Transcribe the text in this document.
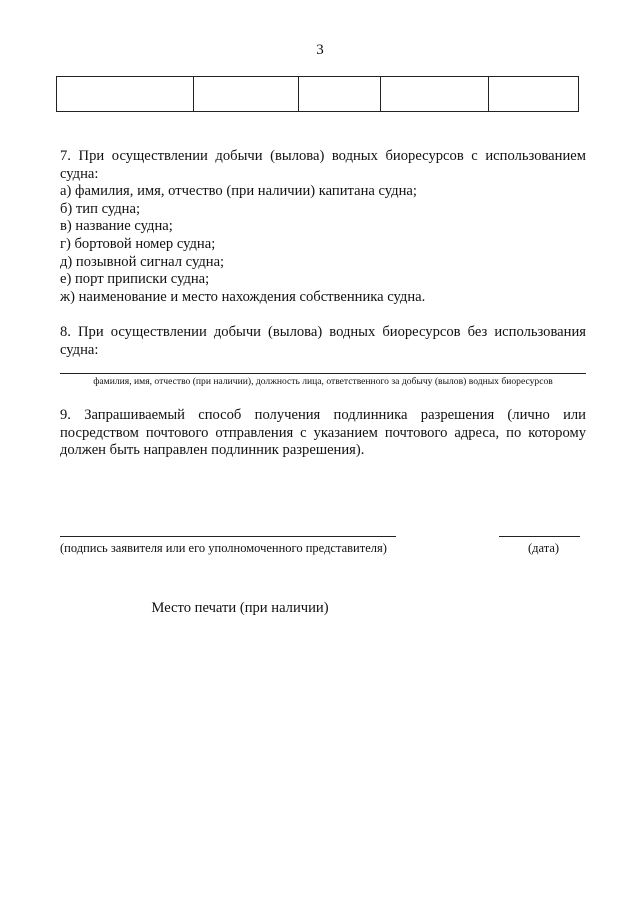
3

7. При осуществлении добычи (вылова) водных биоресурсов с использованием судна:

а) фамилия, имя, отчество (при наличии) капитана судна;
б) тип судна;
в) название судна;
г) бортовой номер судна;
д) позывной сигнал судна;
е) порт приписки судна;
ж) наименование и место нахождения собственника судна.
8. При осуществлении добычи (вылова) водных биоресурсов без использования судна:
фамилия, имя, отчество (при наличии), должность лица, ответственного за добычу (вылов) водных биоресурсов
9. Запрашиваемый способ получения подлинника разрешения (лично или посредством почтового отправления с указанием почтового адреса, по которому должен быть направлен подлинник разрешения).
(подпись заявителя или его уполномоченного представителя)	(дата)
Место печати (при наличии)
